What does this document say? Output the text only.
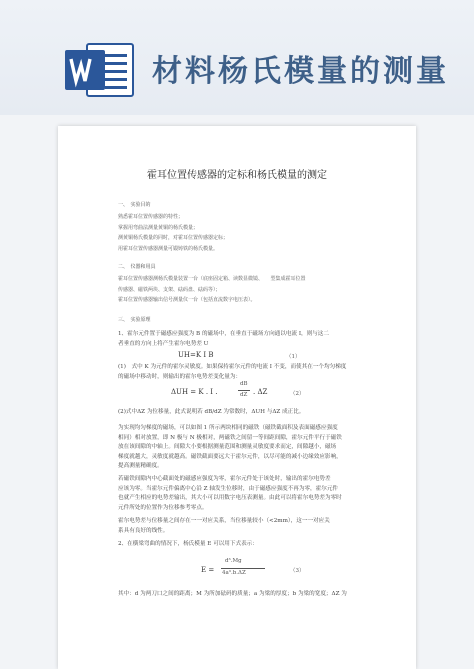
材料杨氏模量的测量
霍耳位置传感器的定标和杨氏模量的测定
一、　实验目的
熟悉霍耳位置传感器的特性；
掌握用弯曲法测量黄铜的杨氏模量；
测黄铜杨氏模量的同时，对霍耳位置传感器定标；
用霍耳位置传感器测量可锻铸铁的杨氏模量。
二、　仪器和用具
霍耳位置传感器测杨氏模量装置一台（底座固定箱、读数显微镜、　　型集成霍耳位置
传感器、磁铁两块、支架、砝码盘、砝码等）；
霍耳位置传感器输出信号测量仪一台（包括直流数字电压表）。
三、　实验原理
1、霍尔元件置于磁感应强度为 B 的磁场中，在垂直于磁场方向通以电流 I，则与这二
者垂直的方向上将产生霍尔电势差 U
UH=K I B	（1）
(1)　式中 K 为元件的霍尔灵敏度。如果保持霍尔元件的电流 I 不变，而使其在一个均匀梯度
的磁场中移动时，则输出的霍尔电势差变化量为：
ΔUH = K . I .
dB
dZ . ΔZ	（2）
(2)式中ΔZ 为位移量，此式说明若 dB/dZ 为常数时，ΔUH 与ΔZ 成正比。
为实现均匀梯度的磁场，可以如图 1 所示两块相同的磁铁（磁铁截面积及表面磁感应强度
相同）相对放置，即 N 极与 N 极相对，两磁铁之间留一等间距间隙，霍尔元件平行于磁铁
放在该间隙的中轴上。间隙大小要根据测量范围和测量灵敏度要求而定，间隙越小，磁场
梯度就越大，灵敏度就越高。磁铁截面要远大于霍尔元件，以尽可能的减小边缘效应影响，
提高测量精确度。
若磁铁间隙内中心截面处的磁感应强度为零，霍尔元件处于该处时，输出的霍尔电势差
应该为零。当霍尔元件偏离中心沿 Z 轴发生位移时，由于磁感应强度不再为零，霍尔元件
也就产生相应的电势差输出，其大小可以用数字电压表测量。由此可以将霍尔电势差为零时
元件所处的位置作为位移参考零点。
霍尔电势差与位移量之间存在一一对应关系，当位移量较小（<2mm），这一一对应关
系具有良好的线性。
2、在横梁弯曲的情况下，杨氏模量 E 可以用下式表示：
E =
d³.Mg
4a³.b.ΔZ	（3）
其中：d 为两刀口之间的距离；M 为所加砝码的质量；a 为梁的厚度；b 为梁的宽度；ΔZ 为
